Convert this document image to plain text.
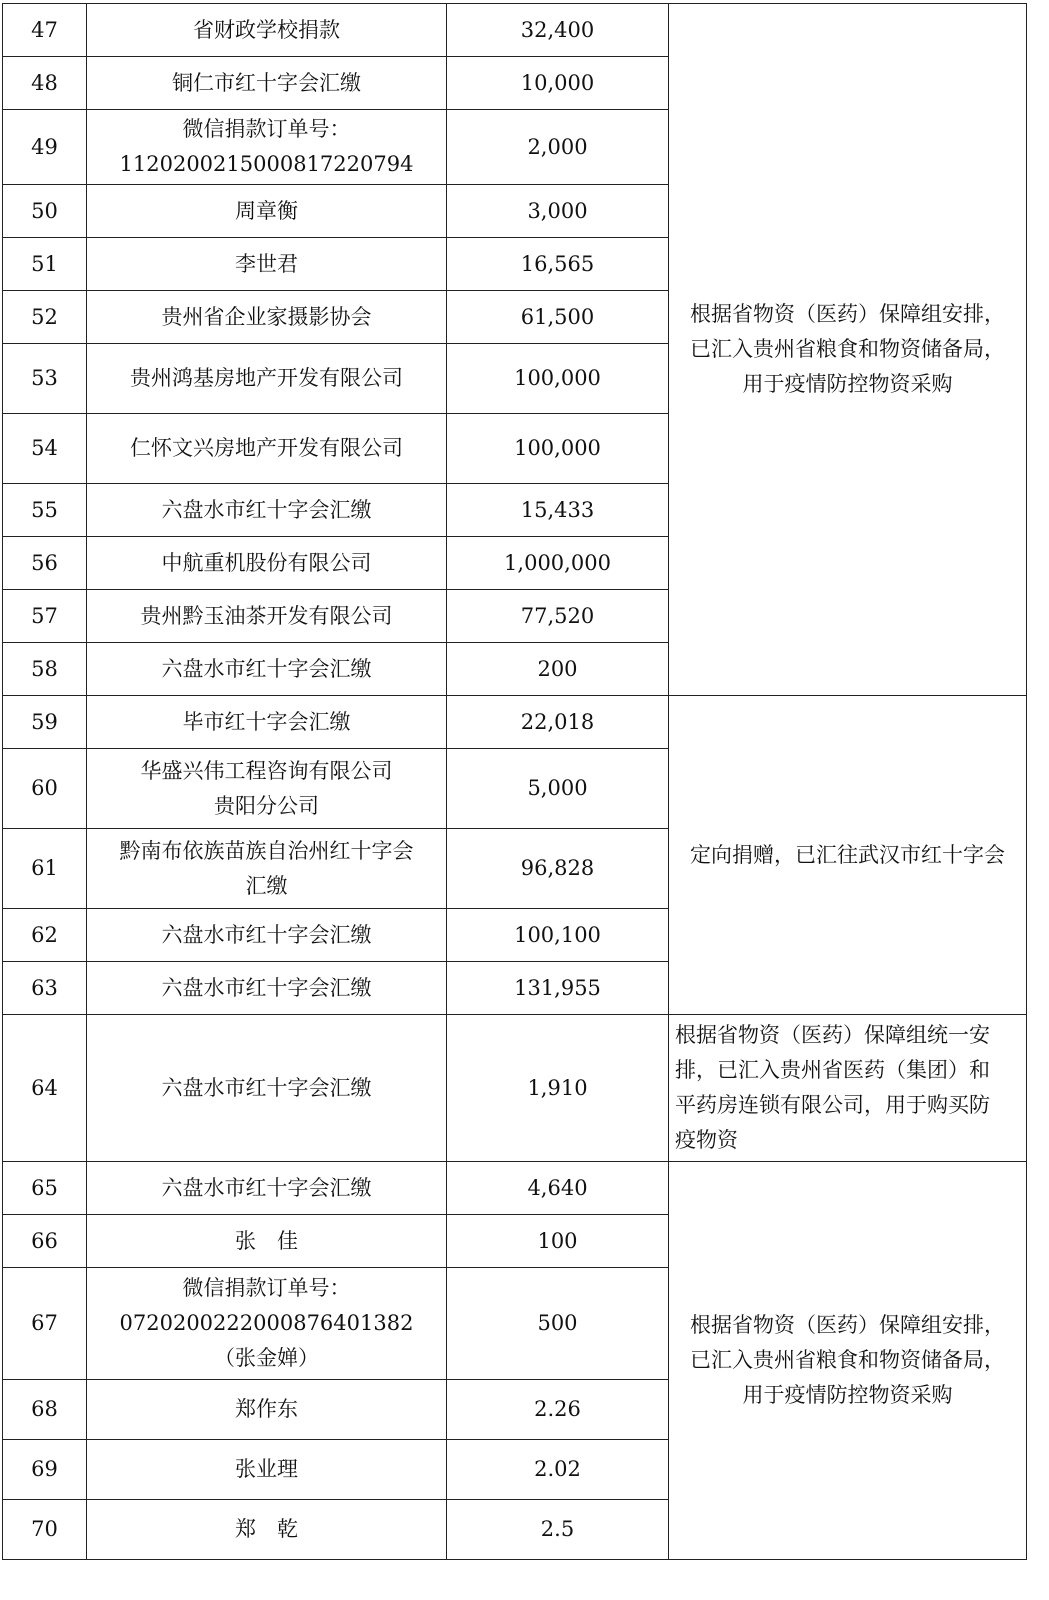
47	省财政学校捐款	32,400	根据省物资（医药）保障组安排，
已汇入贵州省粮食和物资储备局，
用于疫情防控物资采购

48	铜仁市红十字会汇缴	10,000	
49	微信捐款订单号：
112020021500081722079​4	2,000	
50	周章衡	3,000	
51	李世君	16,565	
52	贵州省企业家摄影协会	61,500	
53	贵州鸿基房地产开发有限公司	100,000	
54	仁怀文兴房地产开发有限公司	100,000	
55	六盘水市红十字会汇缴	15,433	
56	中航重机股份有限公司	1,000,000	
57	贵州黔玉油茶开发有限公司	77,520	
58	六盘水市红十字会汇缴	200	
59	毕市红十字会汇缴	22,018	定向捐赠，已汇往武汉市红十字会

60	华盛兴伟工程咨询有限公司
贵阳分公司	5,000	
61	黔南布依族苗族自治州红十字会
汇缴	96,828	
62	六盘水市红十字会汇缴	100,100	
63	六盘水市红十字会汇缴	131,955	
64	六盘水市红十字会汇缴	1,910	根据省物资（医药）保障组统一安
排，已汇入贵州省医药（集团）和
平药房连锁有限公司，用于购买防
疫物资

65	六盘水市红十字会汇缴	4,640	根据省物资（医药）保障组安排，
已汇入贵州省粮食和物资储备局，
用于疫情防控物资采购

66	张　佳	100	
67	微信捐款订单号：
07202002220008764013​82
（张金婵）	500	
68	郑作东	2.26	
69	张业理	2.02	
70	郑　乾	2.5	
